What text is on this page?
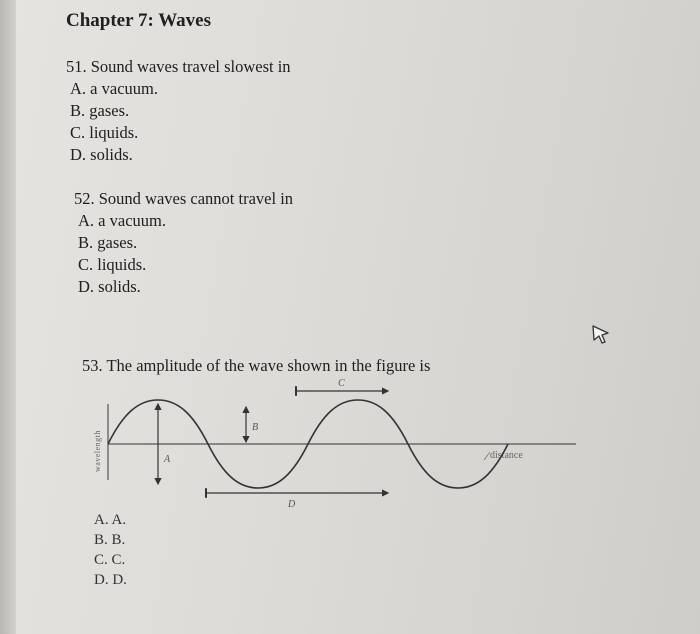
Chapter 7: Waves
51. Sound waves travel slowest in
A. a vacuum.
B. gases.
C. liquids.
D. solids.
52. Sound waves cannot travel in
A. a vacuum.
B. gases.
C. liquids.
D. solids.
53. The amplitude of the wave shown in the figure is
A. A.
B. B.
C. C.
D. D.
wavelength	distance
A
B
C
D
